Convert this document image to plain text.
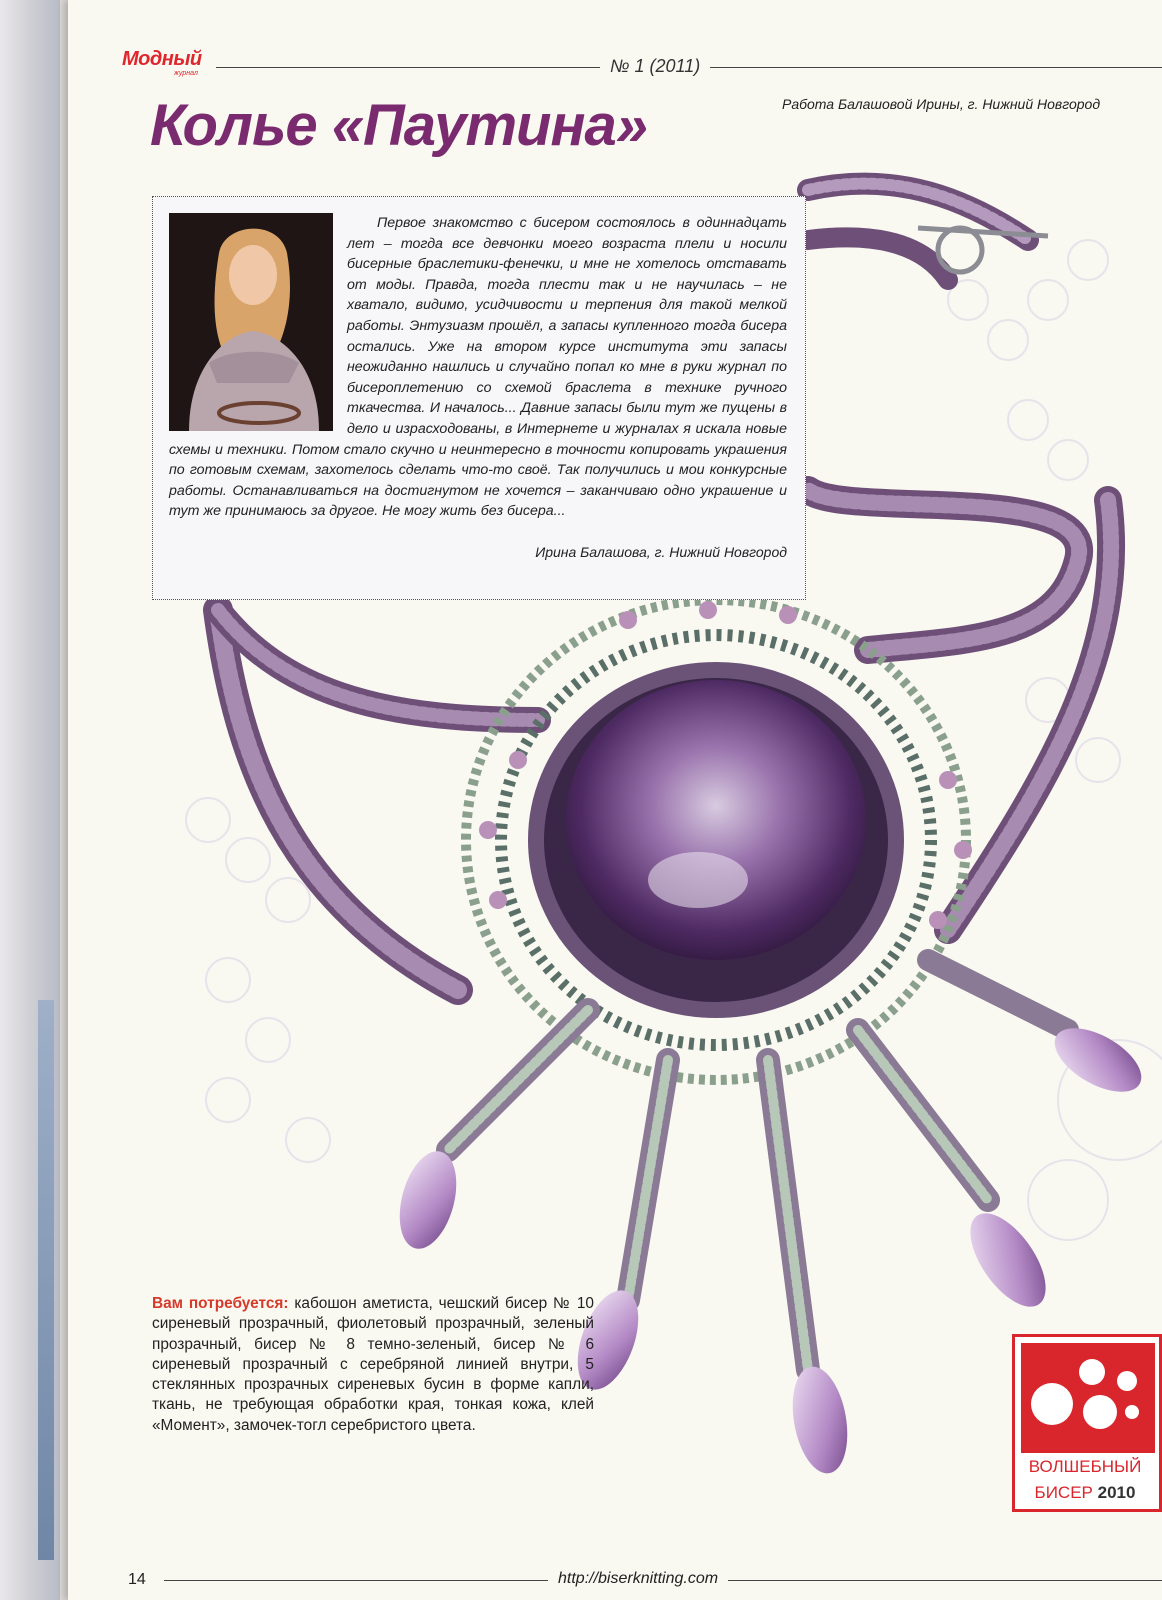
Модный
журнал	№ 1 (2011)
Работа Балашовой Ирины, г. Нижний Новгород
Колье «Паутина»

Первое знакомство с бисером состоялось в одиннадцать лет – тогда все девчонки моего возраста плели и носили бисерные браслетики-фенечки, и мне не хотелось отставать от моды. Правда, тогда плести так и не научилась – не хватало, видимо, усидчивости и терпения для такой мелкой работы. Энтузиазм прошёл, а запасы купленного тогда бисера остались. Уже на втором курсе института эти запасы неожиданно нашлись и случайно попал ко мне в руки журнал по бисероплетению со схемой браслета в технике ручного ткачества. И началось... Давние запасы были тут же пущены в дело и израсходованы, в Интернете и журналах я искала новые схемы и техники. Потом стало скучно и неинтересно в точности копировать украшения по готовым схемам, захотелось сделать что-то своё. Так получились и мои конкурсные работы. Останавливаться на достигнутом не хочется – заканчиваю одно украшение и тут же принимаюсь за другое. Не могу жить без бисера...

Ирина Балашова, г. Нижний Новгород
Вам потребуется: кабошон аметиста, чешский бисер № 10 сиреневый прозрачный, фиолетовый прозрачный, зеленый прозрачный, бисер № 8 темно-зеленый, бисер № 6 сиреневый прозрачный с серебряной линией внутри, 5 стеклянных прозрачных сиреневых бусин в форме капли, ткань, не требующая обработки края, тонкая кожа, клей «Момент», замочек-тогл серебристого цвета.
ВОЛШЕБНЫЙ
БИСЕР 2010
14	http://biserknitting.com
